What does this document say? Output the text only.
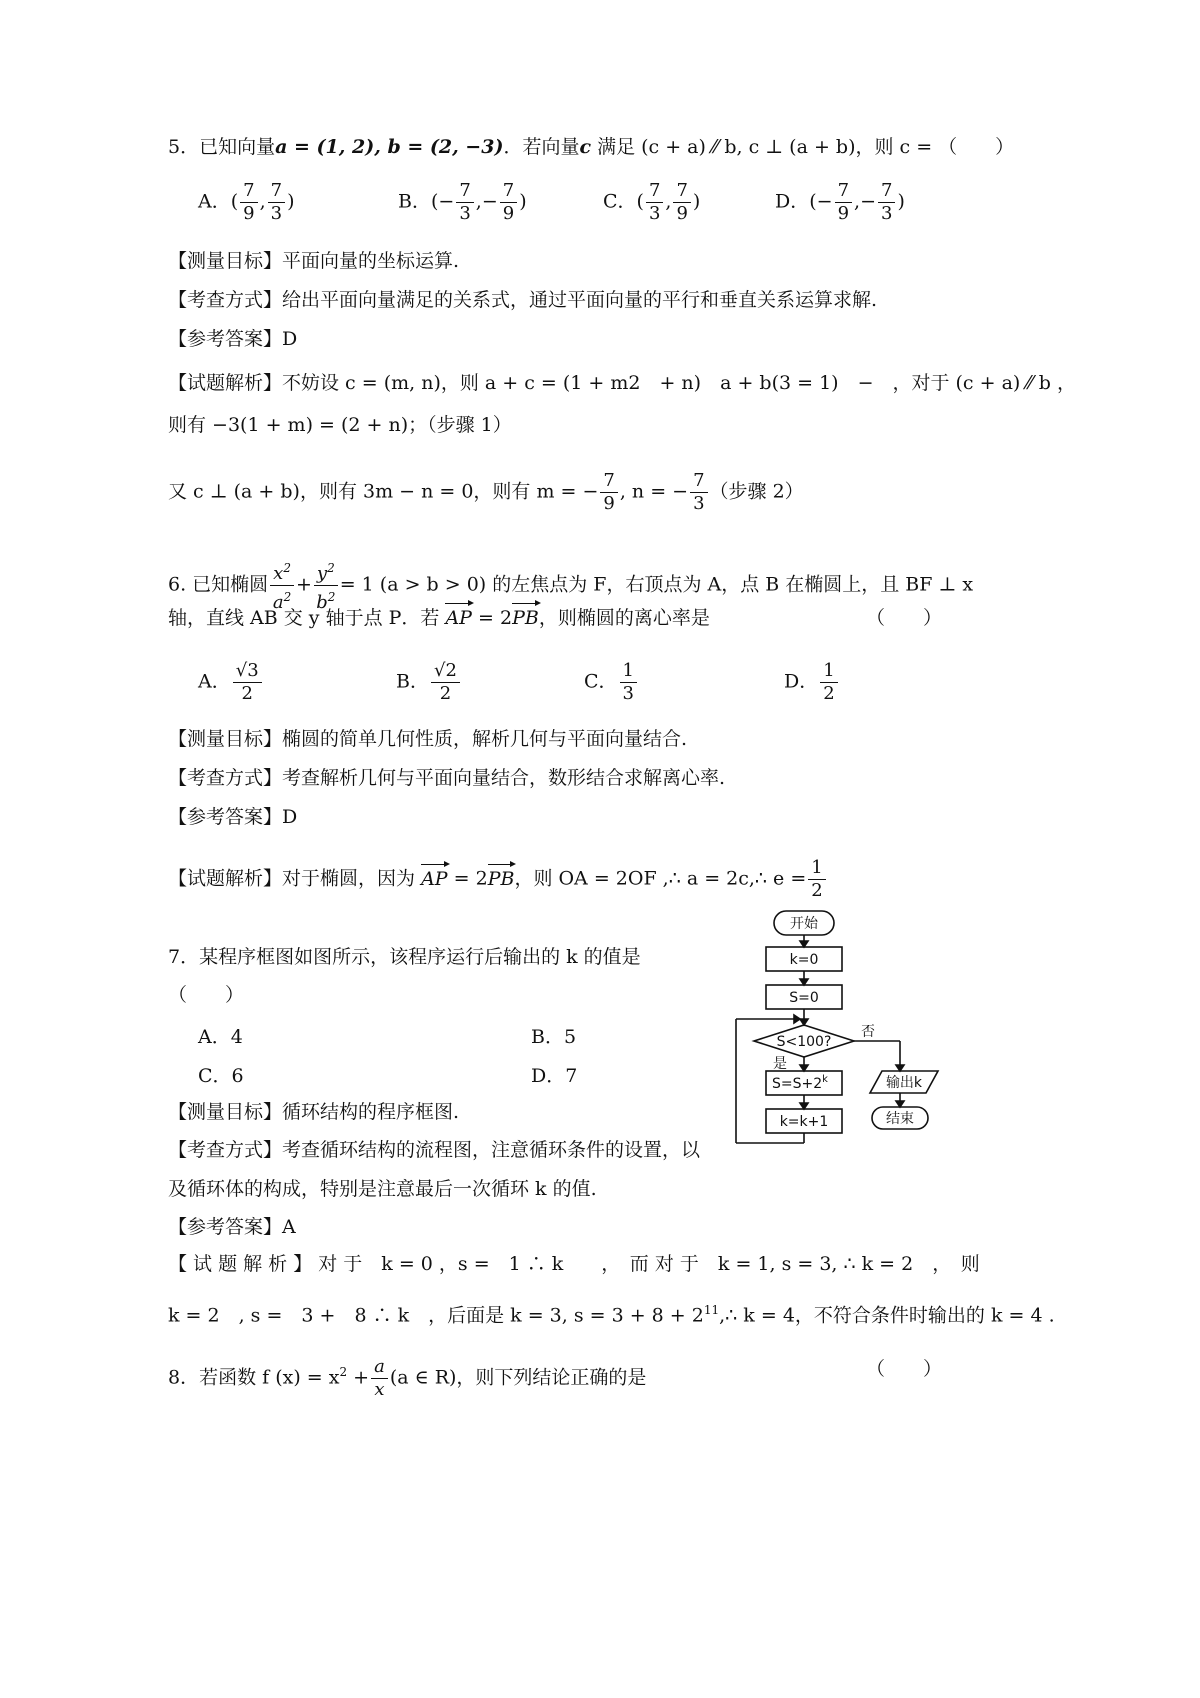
5．已知向量a = (1, 2), b = (2, −3)．若向量c 满足 (c + a) ⁄⁄ b, c ⊥ (a + b)，则 c = （　　）
A．( $\frac{7}{9}$ , $\frac{7}{3}$ )	B．(− $\frac{7}{3}$ ,− $\frac{7}{9}$ )	C．( $\frac{7}{3}$ , $\frac{7}{9}$ )	D．(− $\frac{7}{9}$ ,− $\frac{7}{3}$ )
【测量目标】平面向量的坐标运算.
【考查方式】给出平面向量满足的关系式，通过平面向量的平行和垂直关系运算求解.
【参考答案】D
【试题解析】不妨设 c = (m, n)，则 a + c = (1 + m2　+ n)　a + b(3 = 1)　−　，对于 (c + a) ⁄⁄ b ，
则有 −3(1 + m) = (2 + n)；（步骤 1）
又 c ⊥ (a + b)，则有 3m − n = 0，则有 m = − $\frac{7}{9}$ , n = − $\frac{7}{3}$ （步骤 2）
6. 已知椭圆 $\frac{x^2}{a^2} + \frac{y^2}{b^2} = 1$ (a > b > 0) 的左焦点为 F，右顶点为 A，点 B 在椭圆上，且 BF ⊥ x
轴，直线 AB 交 y 轴于点 P．若 AP = 2PB，则椭圆的离心率是	（　　）
A． $\frac{√3}{2}$	B． $\frac{√2}{2}$	C． $\frac{1}{3}$	D． $\frac{1}{2}$
【测量目标】椭圆的简单几何性质，解析几何与平面向量结合.
【考查方式】考查解析几何与平面向量结合，数形结合求解离心率.
【参考答案】D
【试题解析】对于椭圆，因为 AP = 2PB，则 OA = 2OF ,∴ a = 2c,∴ $e = \frac{1}{2}$
7．某程序框图如图所示，该程序运行后输出的 k 的值是
（　　）
A．4	B．5
C．6	D．7
【测量目标】循环结构的程序框图.
【考查方式】考查循环结构的流程图，注意循环条件的设置，以
及循环体的构成，特别是注意最后一次循环 k 的值.
【参考答案】A
【 试 题 解 析 】 对 于　k = 0 ，s =　1 ∴ k　　，　而 对 于　k = 1, s = 3, ∴ k = 2　，　则
k = 2　, s =　3 +　8 ∴ k　，后面是 k = 3, $s = 3 + 8 + 2^{11},\therefore$ k = 4，不符合条件时输出的 k = 4 .
开始
k=0
S=0
S<100?
否
是
$S=S+2^k$
k=k+1
输出k
结束
8．若函数 f $(x) = x^2 + \frac{a}{x} (a$ ∈ R)，则下列结论正确的是	（　　）
